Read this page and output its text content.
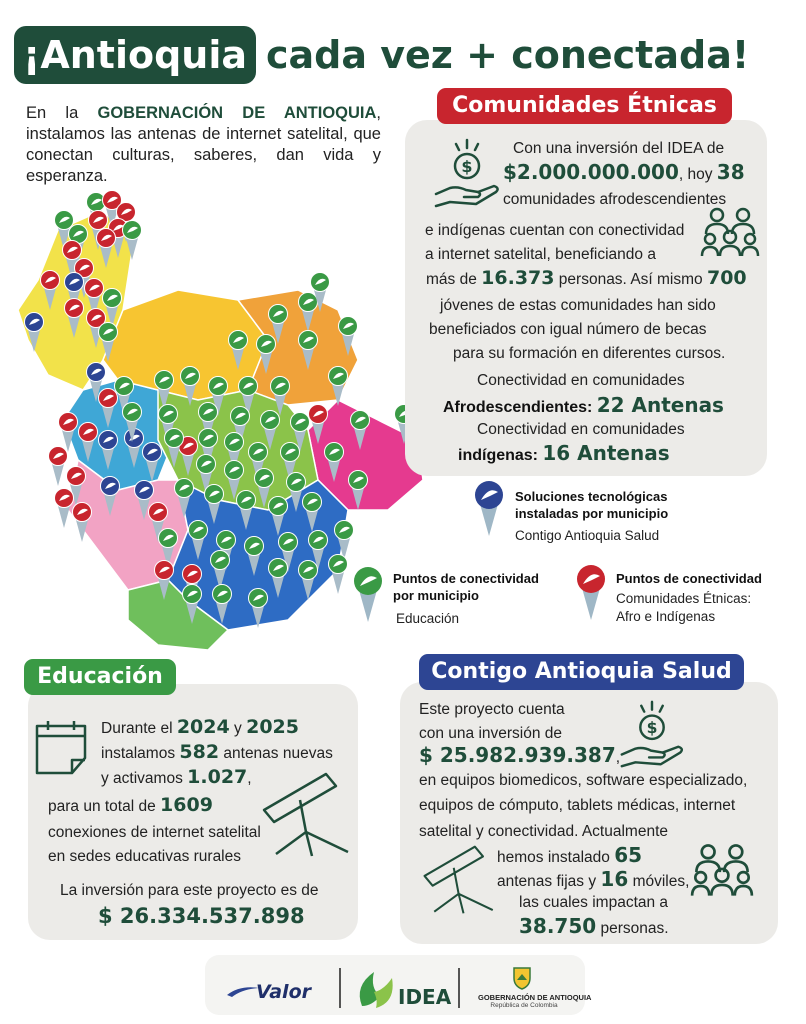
¡Antioquia cada vez + conectada!
En la GOBERNACIÓN DE ANTIOQUIA, instalamos las antenas de internet satelital, que conectan culturas, saberes, dan vida y esperanza.
Comunidades Étnicas
$
Con una inversión del IDEA de
$2.000.000.000, hoy 38
comunidades afrodescendientes
e indígenas cuentan con conectividad
a internet satelital, beneficiando a
más de 16.373 personas. Así mismo 700
jóvenes de estas comunidades han sido
beneficiados con igual número de becas
para su formación en diferentes cursos.
Conectividad en comunidades
Afrodescendientes: 22 Antenas
Conectividad en comunidades
indígenas: 16 Antenas
Soluciones tecnológicas
instaladas por municipio
Contigo Antioquia Salud
Puntos de conectividad
por municipio
Educación
Puntos de conectividad
Comunidades Étnicas:
Afro e Indígenas
Educación
Durante el 2024 y 2025
instalamos 582 antenas nuevas
y activamos 1.027,
para un total de 1609
conexiones de internet satelital
en sedes educativas rurales
La inversión para este proyecto es de
$ 26.334.537.898
Contigo Antioquia Salud
Este proyecto cuenta
con una inversión de
$ 25.982.939.387,
$
en equipos biomedicos, software especializado,
equipos de cómputo, tablets médicas, internet
satelital y conectividad. Actualmente
hemos instalado 65
antenas fijas y 16 móviles,
las cuales impactan a
38.750 personas.
Valor	IDEA	GOBERNACIÓN DE ANTIOQUIA
República de Colombia
